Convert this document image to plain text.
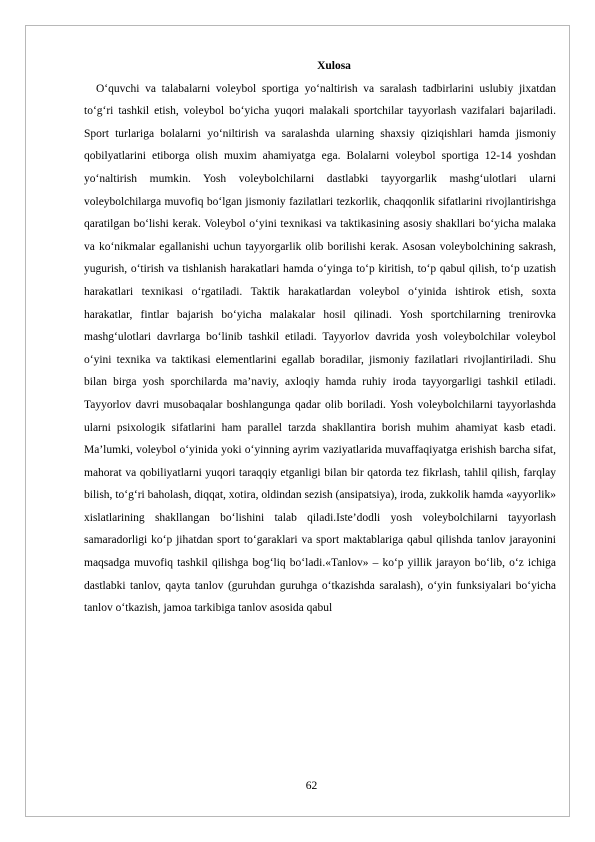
Xulosa

O‘quvchi va talabalarni voleybol sportiga yo‘naltirish va saralash tadbirlarini uslubiy jixatdan to‘g‘ri tashkil etish, voleybol bo‘yicha yuqori malakali sportchilar tayyorlash vazifalari bajariladi. Sport turlariga bolalarni yo‘niltirish va saralashda ularning shaxsiy qiziqishlari hamda jismoniy qobilyatlarini etiborga olish muxim ahamiyatga ega. Bolalarni voleybol sportiga 12-14 yoshdan yo‘naltirish mumkin. Yosh voleybolchilarni dastlabki tayyorgarlik mashg‘ulotlari ularni voleybolchilarga muvofiq bo‘lgan jismoniy fazilatlari tezkorlik, chaqqonlik sifatlarini rivojlantirishga qaratilgan bo‘lishi kerak. Voleybol o‘yini texnikasi va taktikasining asosiy shakllari bo‘yicha malaka va ko‘nikmalar egallanishi uchun tayyorgarlik olib borilishi kerak. Asosan voleybolchining sakrash, yugurish, o‘tirish va tishlanish harakatlari hamda o‘yinga to‘p kiritish, to‘p qabul qilish, to‘p uzatish harakatlari texnikasi o‘rgatiladi. Taktik harakatlardan voleybol o‘yinida ishtirok etish, soxta harakatlar, fintlar bajarish bo‘yicha malakalar hosil qilinadi. Yosh sportchilarning trenirovka mashg‘ulotlari davrlarga bo‘linib tashkil etiladi. Tayyorlov davrida yosh voleybolchilar voleybol o‘yini texnika va taktikasi elementlarini egallab boradilar, jismoniy fazilatlari rivojlantiriladi. Shu bilan birga yosh sporchilarda ma’naviy, axloqiy hamda ruhiy iroda tayyorgarligi tashkil etiladi. Tayyorlov davri musobaqalar boshlangunga qadar olib boriladi. Yosh voleybolchilarni tayyorlashda ularni psixologik sifatlarini ham parallel tarzda shakllantira borish muhim ahamiyat kasb etadi. Ma’lumki, voleybol o‘yinida yoki o‘yinning ayrim vaziyatlarida muvaffaqiyatga erishish barcha sifat, mahorat va qobiliyatlarni yuqori taraqqiy etganligi bilan bir qatorda tez fikrlash, tahlil qilish, farqlay bilish, to‘g‘ri baholash, diqqat, xotira, oldindan sezish (ansipatsiya), iroda, zukkolik hamda «ayyorlik» xislatlarining shakllangan bo‘lishini talab qiladi.Iste’dodli yosh voleybolchilarni tayyorlash samaradorligi ko‘p jihatdan sport to‘garaklari va sport maktablariga qabul qilishda tanlov jarayonini maqsadga muvofiq tashkil qilishga bog‘liq bo‘ladi.«Tanlov» – ko‘p yillik jarayon bo‘lib, o‘z ichiga dastlabki tanlov, qayta tanlov (guruhdan guruhga o‘tkazishda saralash), o‘yin funksiyalari bo‘yicha tanlov o‘tkazish, jamoa tarkibiga tanlov asosida qabul

62
